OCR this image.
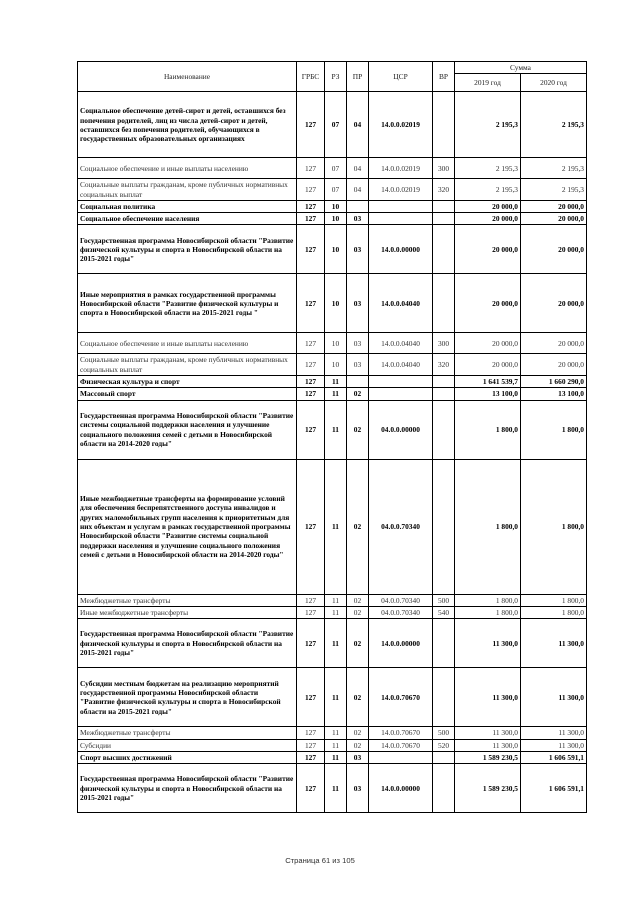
Наименование	ГРБС	РЗ	ПР	ЦСР	ВР	Сумма	
						2019 год	2020 год
Социальное обеспечение детей-сирот и детей, оставшихся без попечения родителей, лиц из числа детей-сирот и детей, оставшихся без попечения родителей, обучающихся в государственных образовательных организациях	127	07	04	14.0.0.02019		2 195,3	2 195,3
Социальное обеспечение и иные выплаты населению	127	07	04	14.0.0.02019	300	2 195,3	2 195,3
Социальные выплаты гражданам, кроме публичных нормативных социальных выплат	127	07	04	14.0.0.02019	320	2 195,3	2 195,3
Социальная политика	127	10				20 000,0	20 000,0
Социальное обеспечение населения	127	10	03			20 000,0	20 000,0
Государственная программа Новосибирской области "Развитие физической культуры и спорта в Новосибирской области на 2015-2021 годы"	127	10	03	14.0.0.00000		20 000,0	20 000,0
Иные мероприятия в рамках государственной программы Новосибирской области "Развитие физической культуры и спорта в Новосибирской области на 2015-2021 годы "	127	10	03	14.0.0.04040		20 000,0	20 000,0
Социальное обеспечение и иные выплаты населению	127	10	03	14.0.0.04040	300	20 000,0	20 000,0
Социальные выплаты гражданам, кроме публичных нормативных социальных выплат	127	10	03	14.0.0.04040	320	20 000,0	20 000,0
Физическая культура и спорт	127	11				1 641 539,7	1 660 290,0
Массовый спорт	127	11	02			13 100,0	13 100,0
Государственная программа Новосибирской области "Развитие системы социальной поддержки населения и улучшение социального положения семей с детьми в Новосибирской области на 2014-2020 годы"	127	11	02	04.0.0.00000		1 800,0	1 800,0
Иные межбюджетные трансферты на формирование условий для обеспечения беспрепятственного доступа инвалидов и других маломобильных групп населения к приоритетным для них объектам и услугам в рамках государственной программы Новосибирской области "Развитие системы социальной поддержки населения и улучшение социального положения семей с детьми в Новосибирской области на 2014-2020 годы"	127	11	02	04.0.0.70340		1 800,0	1 800,0
Межбюджетные трансферты	127	11	02	04.0.0.70340	500	1 800,0	1 800,0
Иные межбюджетные трансферты	127	11	02	04.0.0.70340	540	1 800,0	1 800,0
Государственная программа Новосибирской области "Развитие физической культуры и спорта в Новосибирской области на 2015-2021 годы"	127	11	02	14.0.0.00000		11 300,0	11 300,0
Субсидии местным бюджетам на реализацию мероприятий государственной программы Новосибирской области "Развитие физической культуры и спорта в Новосибирской области на 2015-2021 годы"	127	11	02	14.0.0.70670		11 300,0	11 300,0
Межбюджетные трансферты	127	11	02	14.0.0.70670	500	11 300,0	11 300,0
Субсидии	127	11	02	14.0.0.70670	520	11 300,0	11 300,0
Спорт высших достижений	127	11	03			1 589 230,5	1 606 591,1
Государственная программа Новосибирской области "Развитие физической культуры и спорта в Новосибирской области на 2015-2021 годы"	127	11	03	14.0.0.00000		1 589 230,5	1 606 591,1
Страница 61 из 105
